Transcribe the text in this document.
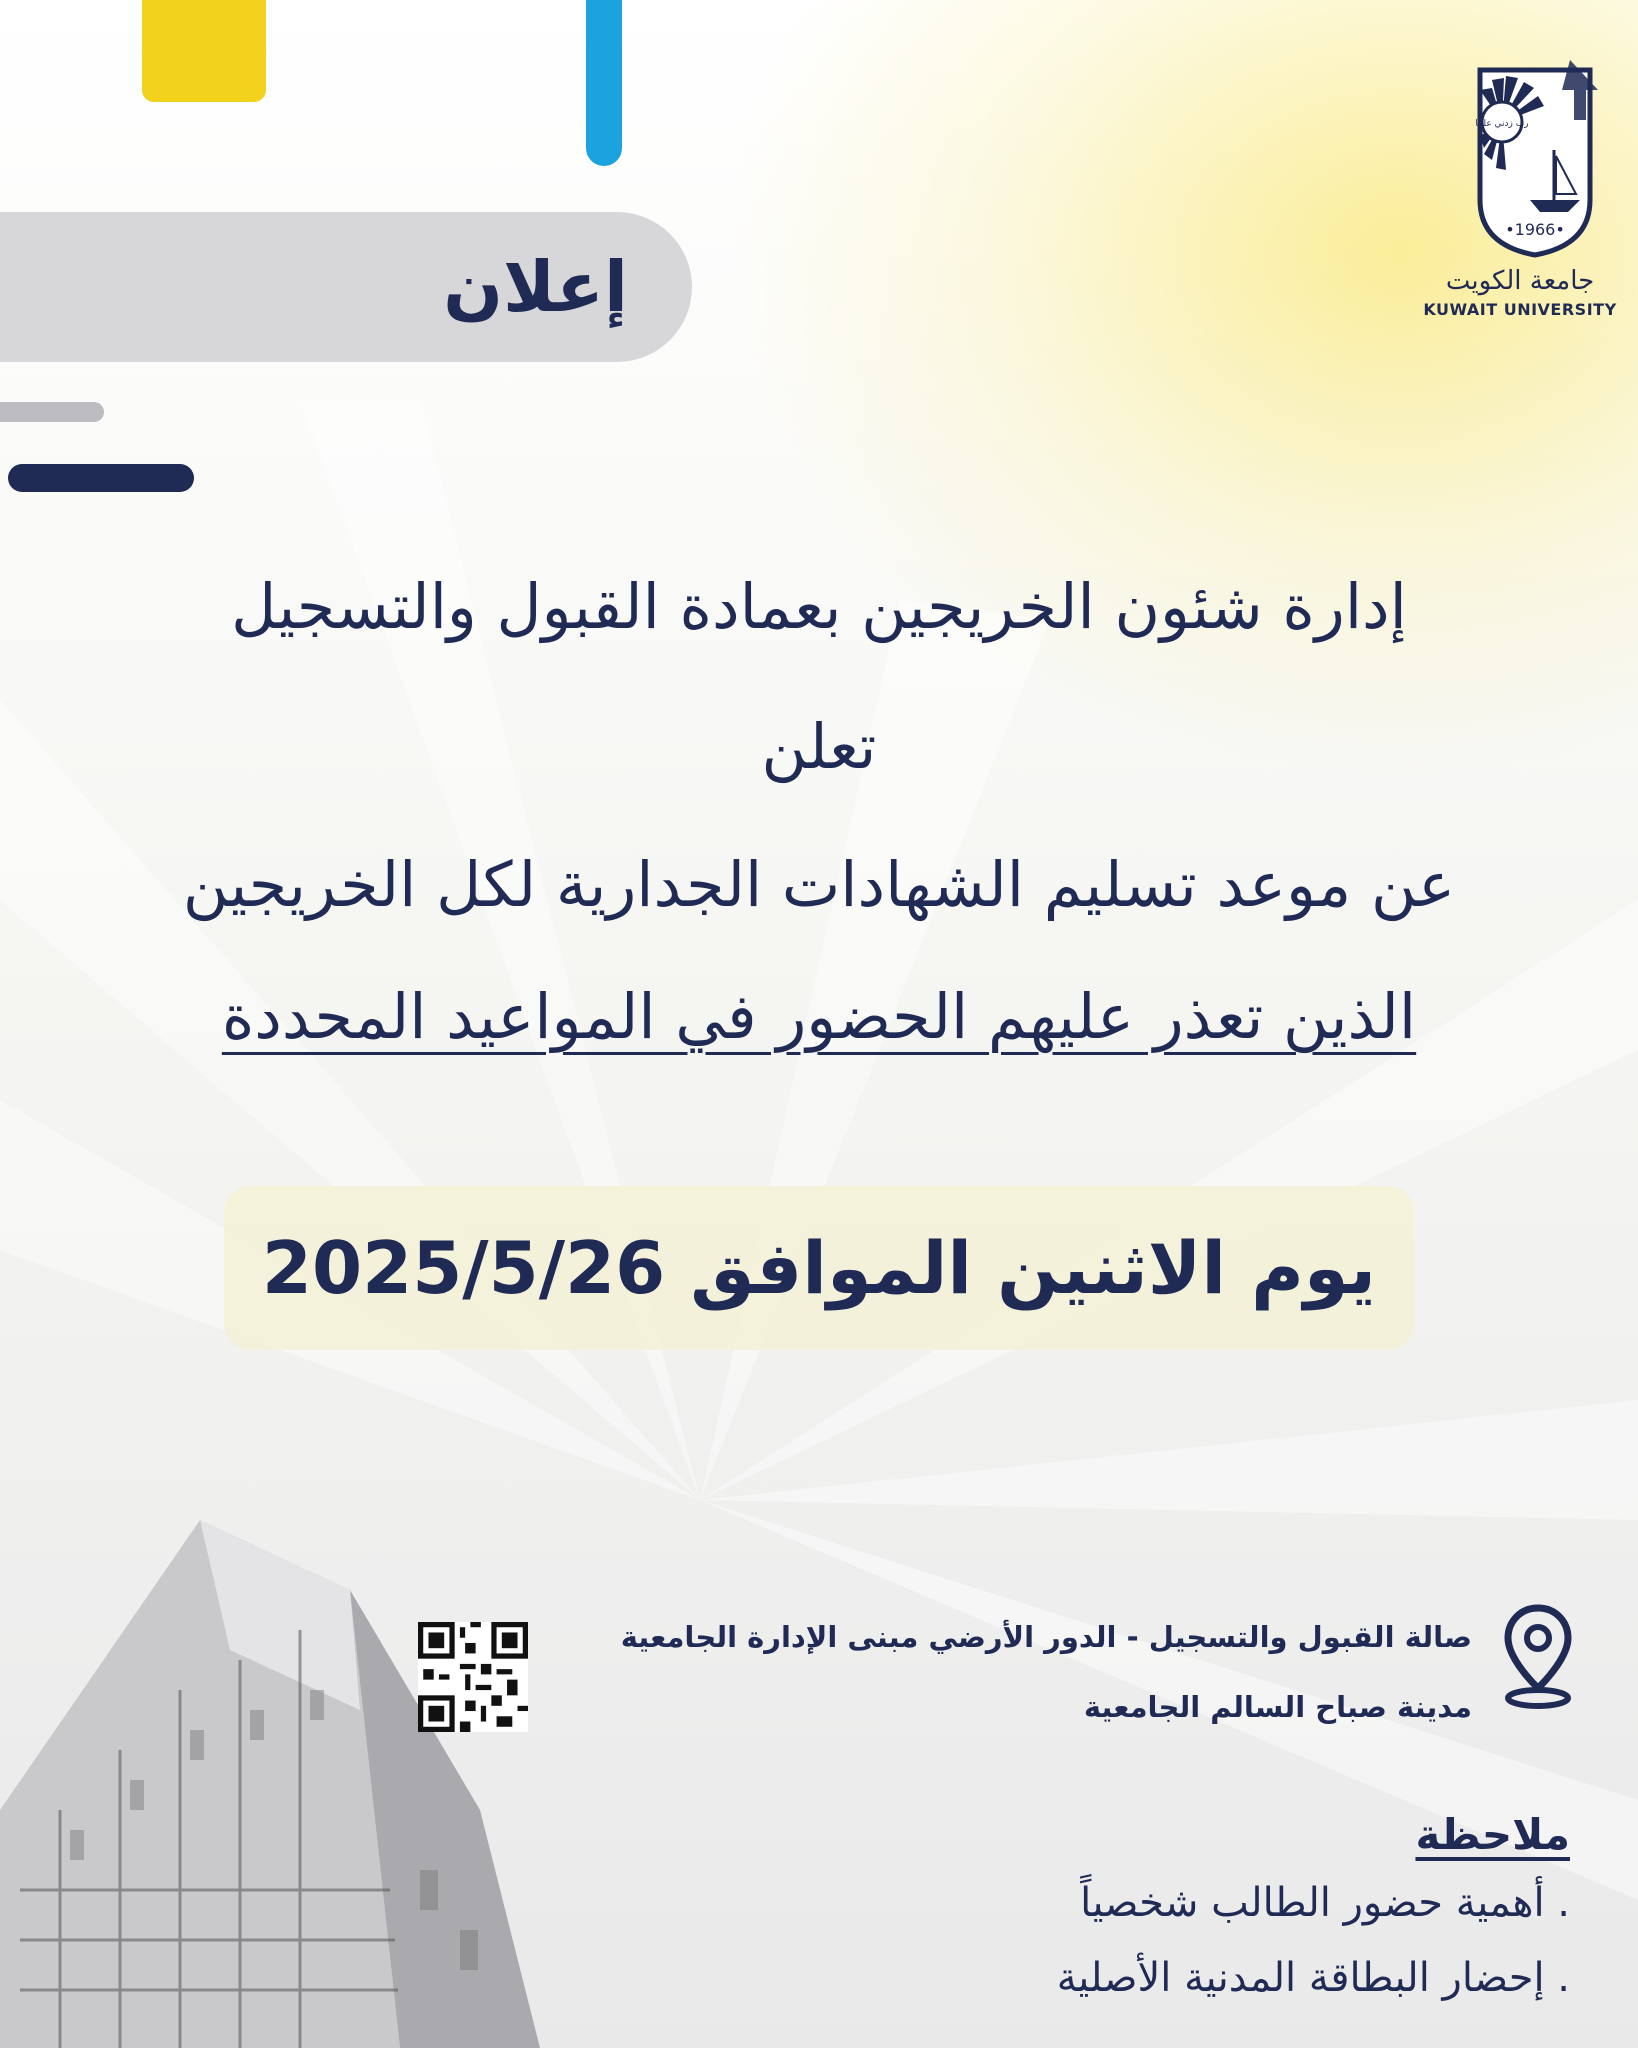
إعلان
•1966•
رب زدني علما
جامعة الكويت
KUWAIT UNIVERSITY
إدارة شئون الخريجين بعمادة القبول والتسجيل
تعلن
عن موعد تسليم الشهادات الجدارية لكل الخريجين
الذين تعذر عليهم الحضور في المواعيد المحددة
يوم الاثنين الموافق 2025/5/26
صالة القبول والتسجيل - الدور الأرضي مبنى الإدارة الجامعية
مدينة صباح السالم الجامعية
ملاحظة
. أهمية حضور الطالب شخصياً
. إحضار البطاقة المدنية الأصلية
